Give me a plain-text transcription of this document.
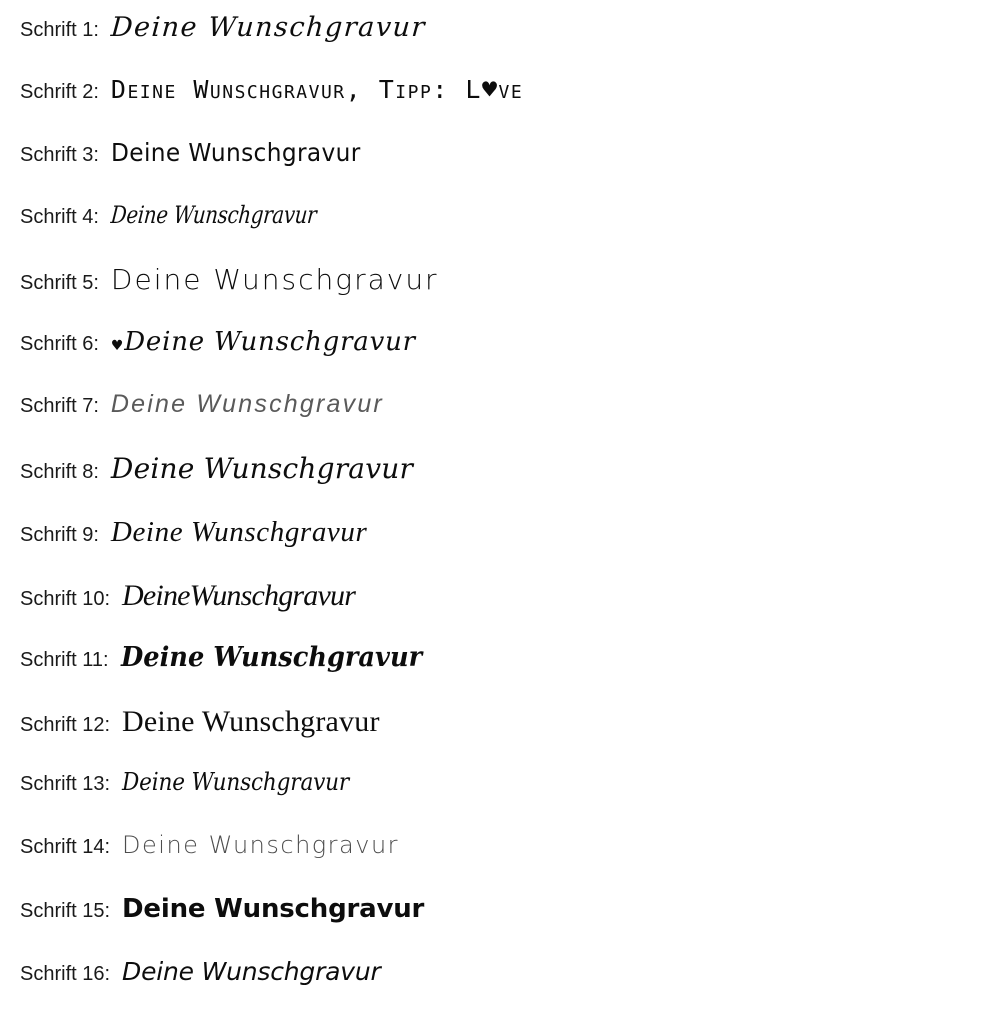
Schrift 1: Deine Wunschgravur
Schrift 2: Deine Wunschgravur, Tipp: L♥ve
Schrift 3: Deine Wunschgravur
Schrift 4: Deine Wunschgravur
Schrift 5: Deine Wunschgravur
Schrift 6: ♥Deine Wunschgravur
Schrift 7: Deine Wunschgravur
Schrift 8: Deine Wunschgravur
Schrift 9: Deine Wunschgravur
Schrift 10: DeineWunschgravur
Schrift 11: Deine Wunschgravur
Schrift 12: Deine Wunschgravur
Schrift 13: Deine Wunschgravur
Schrift 14: Deine Wunschgravur
Schrift 15: Deine Wunschgravur
Schrift 16: Deine Wunschgravur
